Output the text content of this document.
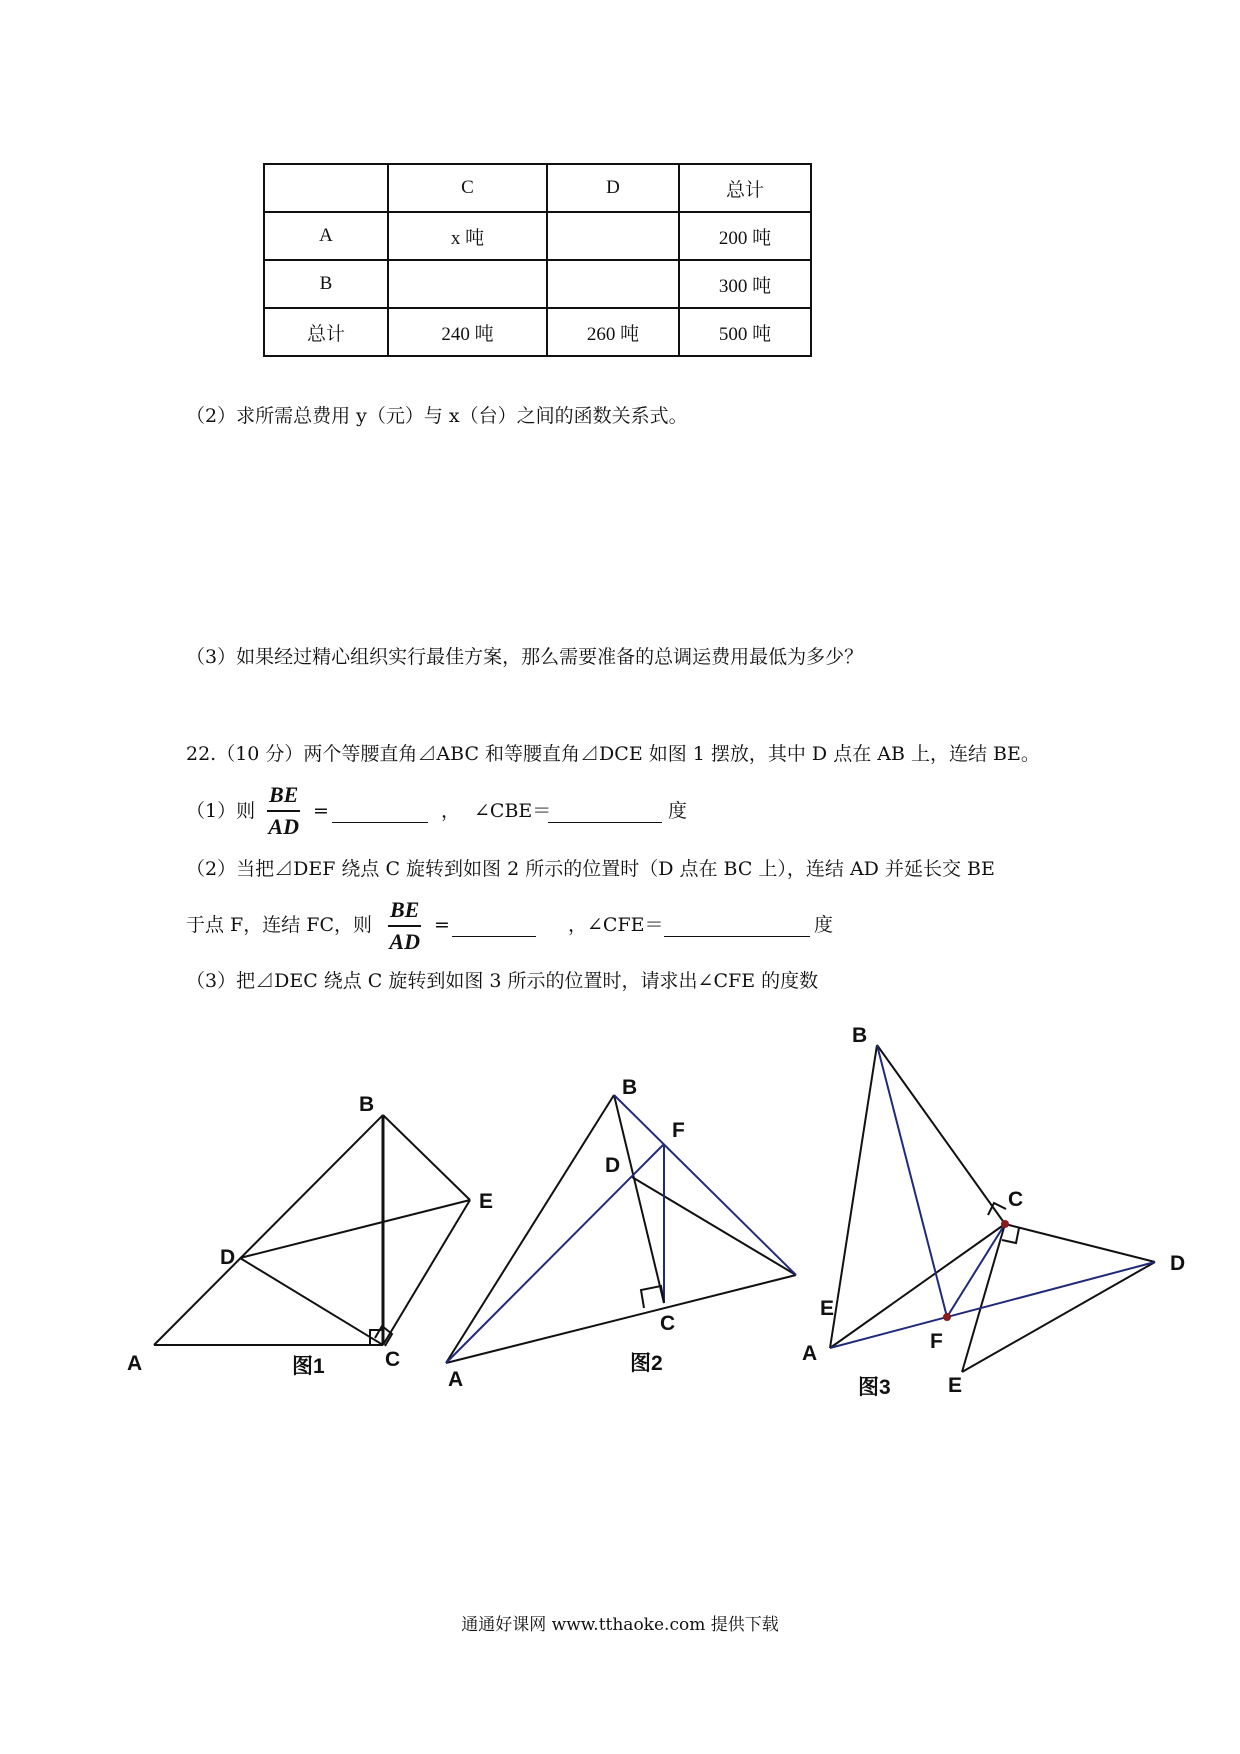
	C	D	总计
A	x 吨		200 吨
B			300 吨
总计	240 吨	260 吨	500 吨
（2）求所需总费用 y（元）与 x（台）之间的函数关系式。
（3）如果经过精心组织实行最佳方案，那么需要准备的总调运费用最低为多少？
22.（10 分）两个等腰直角⊿ABC 和等腰直角⊿DCE 如图 1 摆放，其中 D 点在 AB 上，连结 BE。
（1）则 $\frac{BE}{AD}$ =	， ∠CBE＝	度
（2）当把⊿DEF 绕点 C 旋转到如图 2 所示的位置时（D 点在 BC 上），连结 AD 并延长交 BE
于点 F，连结 FC，则 $\frac{BE}{AD}$ =	，∠CFE＝	度
（3）把⊿DEC 绕点 C 旋转到如图 3 所示的位置时，请求出∠CFE 的度数
A
B
C
D
E
图1
A
B
C
D
F
图2	A
B
C
D
E
E
F
图3
通通好课网 www.tthaoke.com 提供下载
